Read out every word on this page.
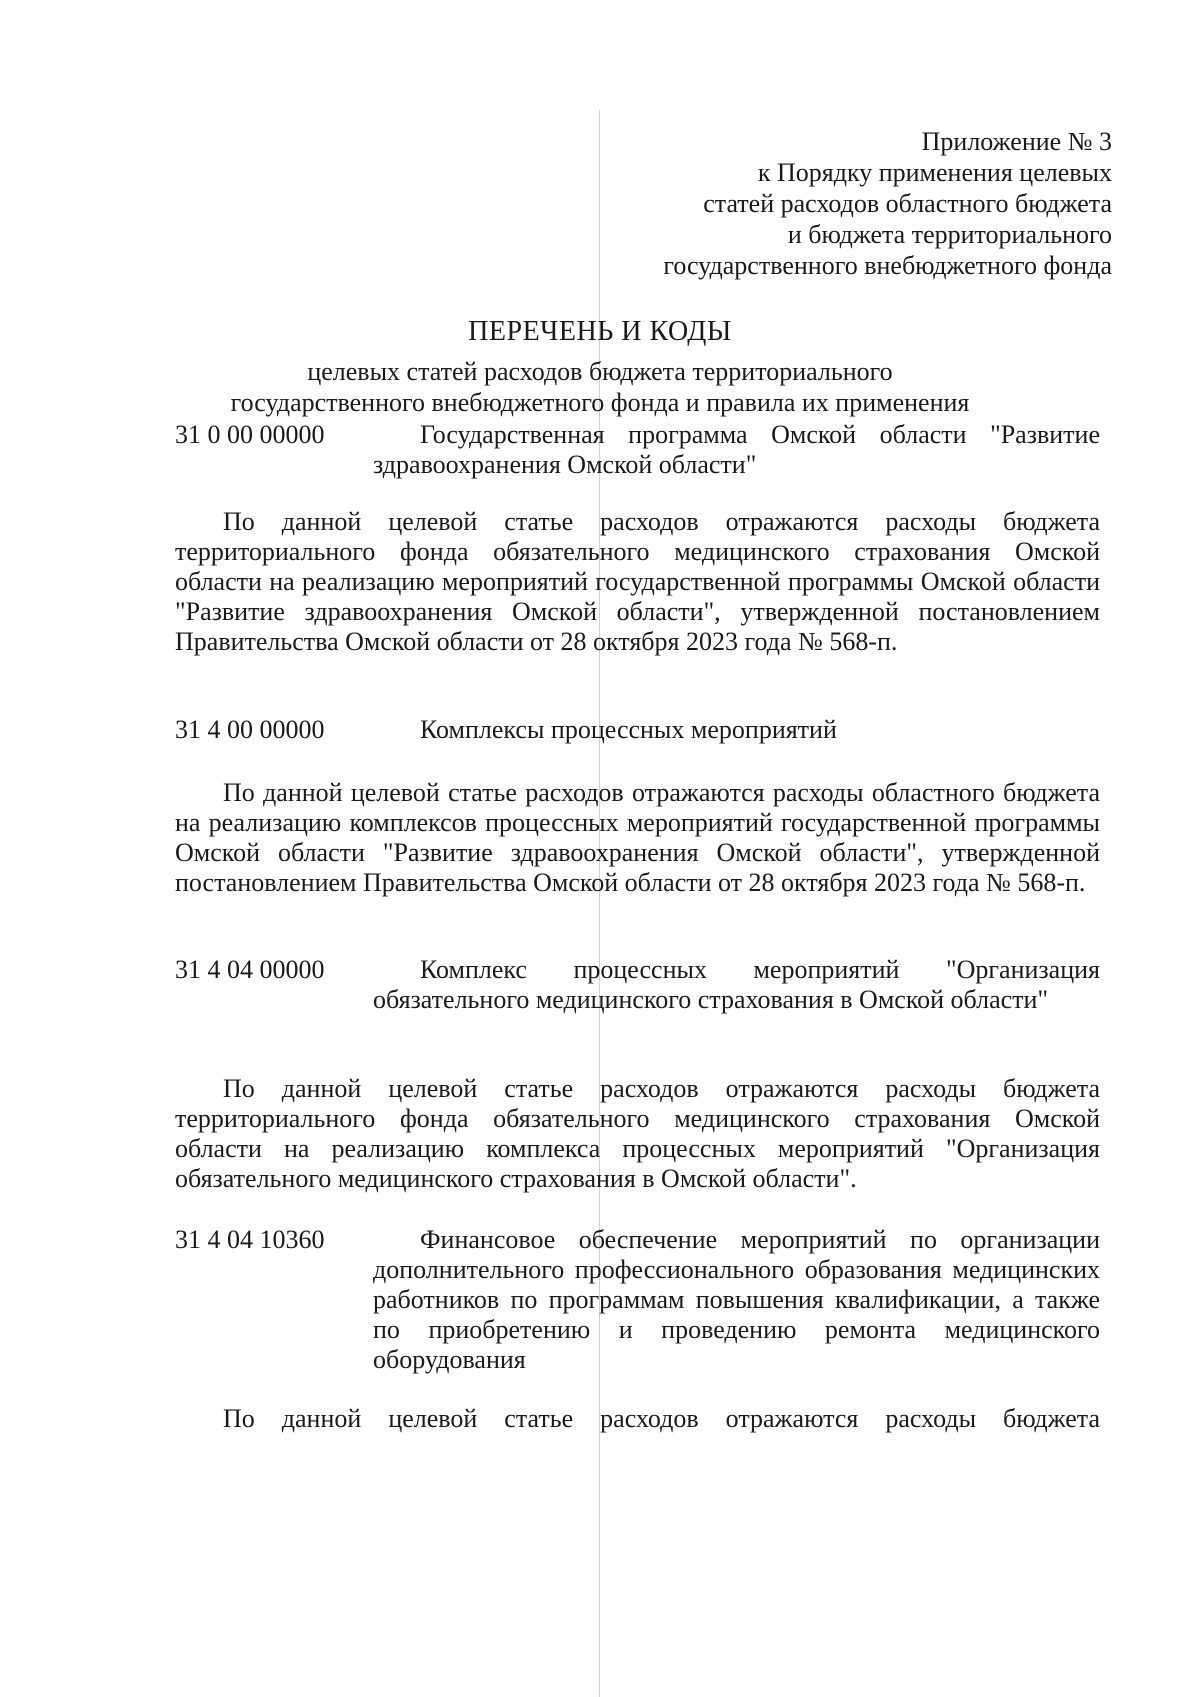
Приложение № 3
к Порядку применения целевых
статей расходов областного бюджета
и бюджета территориального
государственного внебюджетного фонда
ПЕРЕЧЕНЬ И КОДЫ
целевых статей расходов бюджета территориального
государственного внебюджетного фонда и правила их применения
31 0 00 00000	Государственная программа Омской области "Развитие здравоохранения Омской области"
По данной целевой статье расходов отражаются расходы бюджета территориального фонда обязательного медицинского страхования Омской области на реализацию мероприятий государственной программы Омской области "Развитие здравоохранения Омской области", утвержденной постановлением Правительства Омской области от 28 октября 2023 года № 568-п.
31 4 00 00000	Комплексы процессных мероприятий
По данной целевой статье расходов отражаются расходы областного бюджета на реализацию комплексов процессных мероприятий государственной программы Омской области "Развитие здравоохранения Омской области", утвержденной постановлением Правительства Омской области от 28 октября 2023 года № 568-п.
31 4 04 00000	Комплекс процессных мероприятий "Организация обязательного медицинского страхования в Омской области"
По данной целевой статье расходов отражаются расходы бюджета территориального фонда обязательного медицинского страхования Омской области на реализацию комплекса процессных мероприятий "Организация обязательного медицинского страхования в Омской области".
31 4 04 10360	Финансовое обеспечение мероприятий по организации дополнительного профессионального образования медицинских работников по программам повышения квалификации, а также по приобретению и проведению ремонта медицинского оборудования
По данной целевой статье расходов отражаются расходы бюджета
